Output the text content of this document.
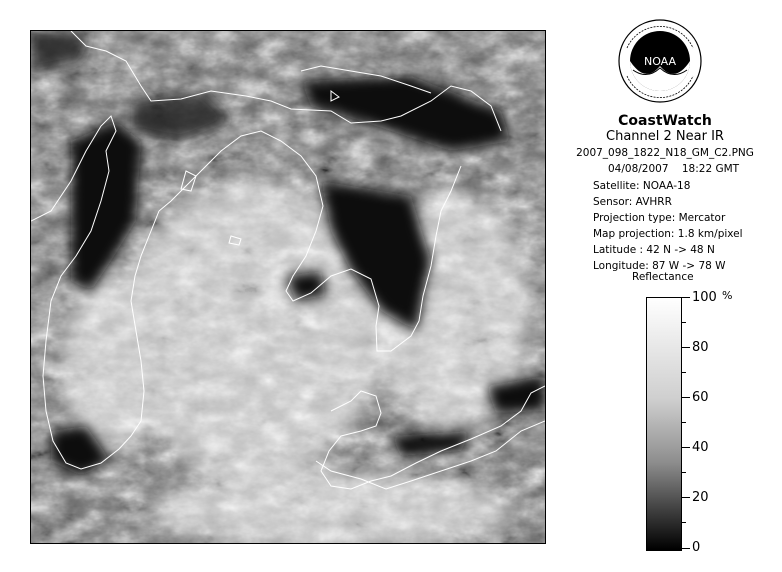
NOAA
CoastWatch
Channel 2 Near IR
2007_098_1822_N18_GM_C2.PNG
04/08/2007    18:22 GMT
Satellite: NOAA-18
Sensor: AVHRR
Projection type: Mercator
Map projection: 1.8 km/pixel
Latitude : 42 N -> 48 N
Longitude: 87 W -> 78 W
Reflectance
%
100
80
60
40
20
0
